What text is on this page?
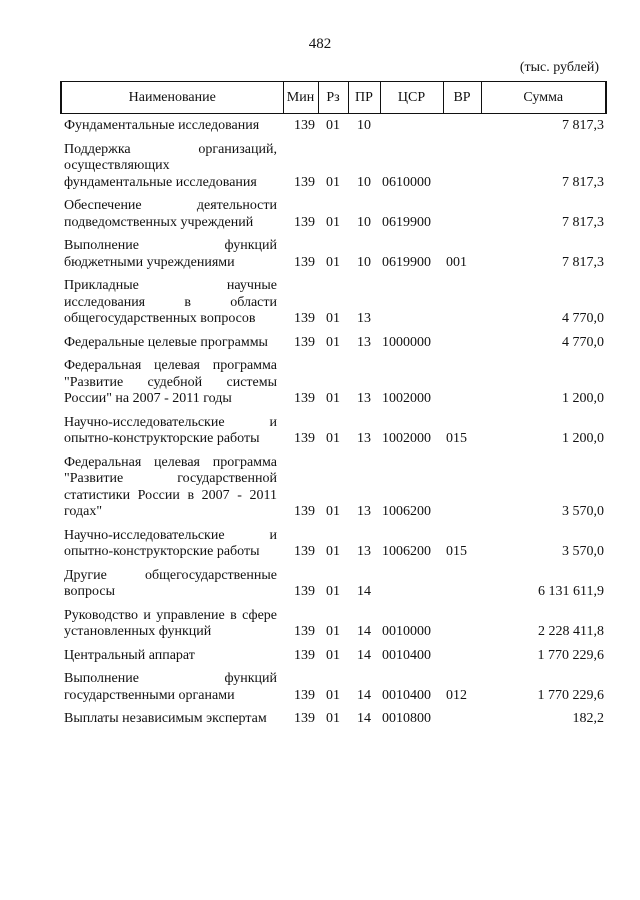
482
(тыс. рублей)
Наименование	Мин	Рз	ПР	ЦСР	ВР	Сумма
Фундаментальные исследования	139	01	10			7 817,3
Поддержка организаций, осуществляющих фундаментальные исследования	139	01	10	0610000		7 817,3
Обеспечение деятельности подведомственных учреждений	139	01	10	0619900		7 817,3
Выполнение функций бюджетными учреждениями	139	01	10	0619900	001	7 817,3
Прикладные научные исследования в области общегосударственных вопросов	139	01	13			4 770,0
Федеральные целевые программы	139	01	13	1000000		4 770,0
Федеральная целевая программа "Развитие судебной системы России" на 2007 - 2011 годы	139	01	13	1002000		1 200,0
Научно-исследовательские и опытно-конструкторские работы	139	01	13	1002000	015	1 200,0
Федеральная целевая программа "Развитие государственной статистики России в 2007 - 2011 годах"	139	01	13	1006200		3 570,0
Научно-исследовательские и опытно-конструкторские работы	139	01	13	1006200	015	3 570,0
Другие общегосударственные вопросы	139	01	14			6 131 611,9
Руководство и управление в сфере установленных функций	139	01	14	0010000		2 228 411,8
Центральный аппарат	139	01	14	0010400		1 770 229,6
Выполнение функций государственными органами	139	01	14	0010400	012	1 770 229,6
Выплаты независимым экспертам	139	01	14	0010800		182,2
